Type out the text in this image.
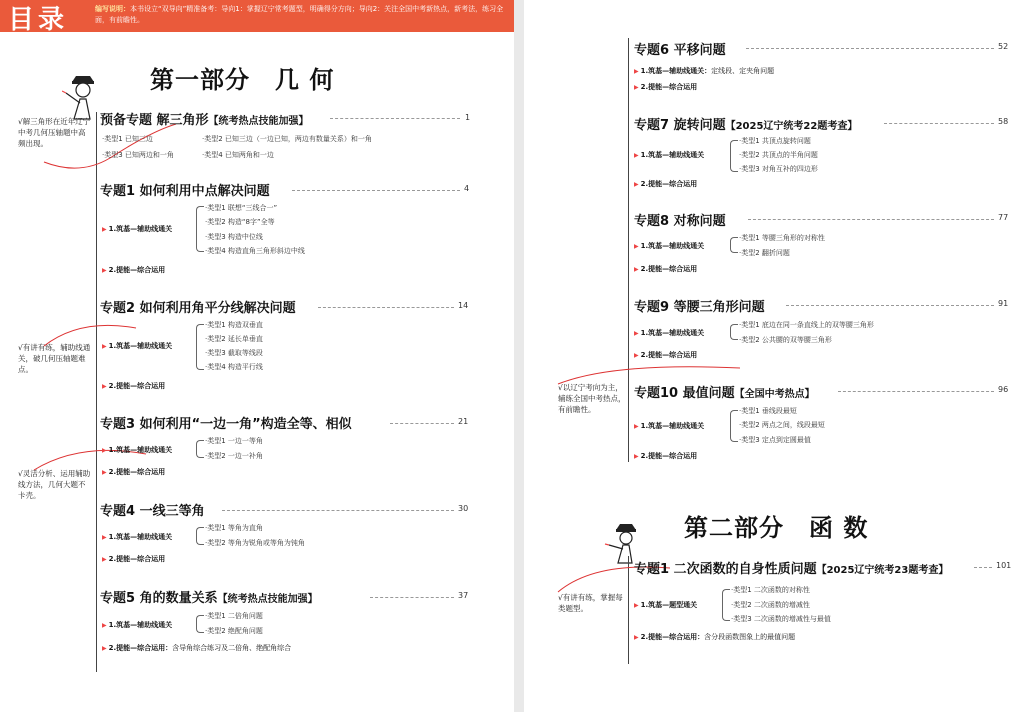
目录	编写说明：本书设立“双导向”精准备考：导向1：掌握辽宁常考题型，明确得分方向；导向2：关注全国中考新热点，新考法，练习全面，有前瞻性。
第一部分　几 何
√解三角形在近年辽宁中考几何压轴题中高频出现。
√有讲有练，辅助线通关，破几何压轴题难点。
√灵活分析、运用辅助线方法，几何大题不卡壳。
预备专题 解三角形【统考热点技能加强】	1
·类型1 已知三边	·类型2 已知三边（一边已知，两边有数量关系）和一角
·类型3 已知两边和一角	·类型4 已知两角和一边
专题1 如何利用中点解决问题	4
▶ 1.筑基—辅助线通关
·类型1 联想“三线合一”
·类型2 构造“8字”全等
·类型3 构造中位线
·类型4 构造直角三角形斜边中线
▶ 2.提能—综合运用
专题2 如何利用角平分线解决问题	14
▶ 1.筑基—辅助线通关
·类型1 构造双垂直
·类型2 延长单垂直
·类型3 截取等线段
·类型4 构造平行线
▶ 2.提能—综合运用
专题3 如何利用“一边一角”构造全等、相似	21
▶ 1.筑基—辅助线通关
·类型1 一边一等角
·类型2 一边一补角
▶ 2.提能—综合运用
专题4 一线三等角	30
▶ 1.筑基—辅助线通关
·类型1 等角为直角
·类型2 等角为锐角或等角为钝角
▶ 2.提能—综合运用
专题5 角的数量关系【统考热点技能加强】	37
▶ 1.筑基—辅助线通关
·类型1 二倍角问题
·类型2 绝配角问题
▶ 2.提能—综合运用：含导角综合练习及二倍角、绝配角综合
专题6 平移问题	52
▶ 1.筑基—辅助线通关：定线段、定夹角问题
▶ 2.提能—综合运用
专题7 旋转问题【2025辽宁统考22题考查】	58
▶ 1.筑基—辅助线通关
·类型1 共顶点旋转问题
·类型2 共顶点的半角问题
·类型3 对角互补的四边形
▶ 2.提能—综合运用
专题8 对称问题	77
▶ 1.筑基—辅助线通关
·类型1 等腰三角形的对称性
·类型2 翻折问题
▶ 2.提能—综合运用
专题9 等腰三角形问题	91
▶ 1.筑基—辅助线通关
·类型1 底边在同一条直线上的双等腰三角形
·类型2 公共腰的双等腰三角形
▶ 2.提能—综合运用
√以辽宁考向为主，辅练全国中考热点，有前瞻性。
专题10 最值问题【全国中考热点】	96
▶ 1.筑基—辅助线通关
·类型1 垂线段最短
·类型2 两点之间，线段最短
·类型3 定点到定圆最值
▶ 2.提能—综合运用
第二部分　函 数
√有讲有练，掌握每类题型。
专题1 二次函数的自身性质问题【2025辽宁统考23题考查】	101
▶ 1.筑基—题型通关
·类型1 二次函数的对称性
·类型2 二次函数的增减性
·类型3 二次函数的增减性与最值
▶ 2.提能—综合运用：含分段函数图象上的最值问题
